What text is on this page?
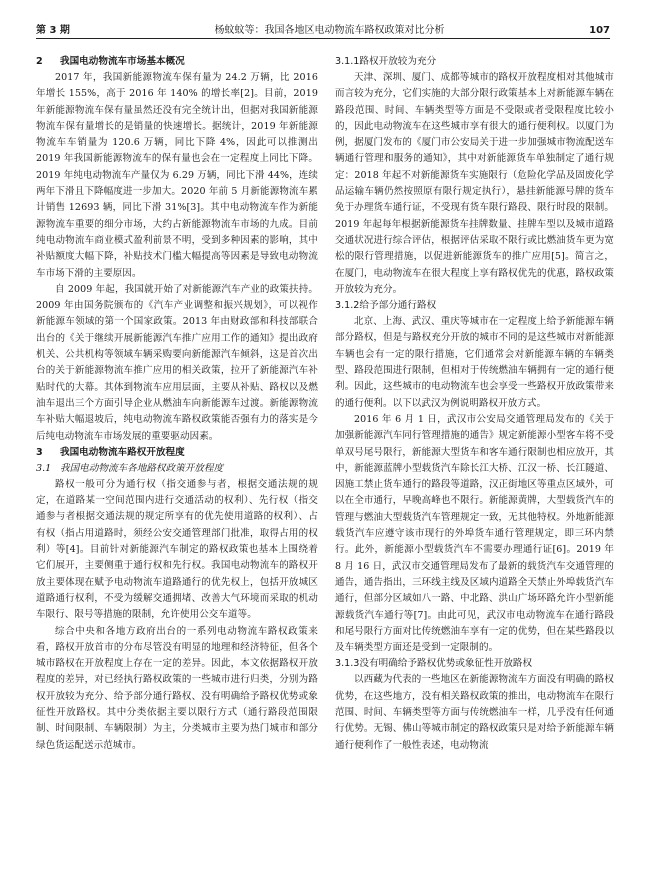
第 3 期	杨蚊蚊等：我国各地区电动物流车路权政策对比分析	107
2 我国电动物流车市场基本概况

2017 年，我国新能源物流车保有量为 24.2 万辆，比 2016 年增长 155%，高于 2016 年 140% 的增长率[2]。目前，2019 年新能源物流车保有量虽然还没有完全统计出，但据对我国新能源物流车保有量增长的是销量的快速增长。据统计，2019 年新能源物流车车销量为 120.6 万辆，同比下降 4%，因此可以推测出 2019 年我国新能源物流车的保有量也会在一定程度上同比下降。2019 年纯电动物流车产量仅为 6.29 万辆，同比下滑 44%，连续两年下滑且下降幅度进一步加大。2020 年前 5 月新能源物流车累计销售 12693 辆，同比下滑 31%[3]。其中电动物流车作为新能源物流车重要的细分市场，大约占新能源物流车市场的九成。目前纯电动物流车商业模式盈利前景不明，受到多种因素的影响，其中补贴额度大幅下降，补贴技术门槛大幅提高等因素是导致电动物流车市场下滑的主要原因。

自 2009 年起，我国就开始了对新能源汽车产业的政策扶持。2009 年由国务院颁布的《汽车产业调整和振兴规划》，可以视作新能源车领域的第一个国家政策。2013 年由财政部和科技部联合出台的《关于继续开展新能源汽车推广应用工作的通知》提出政府机关、公共机构等领域车辆采购要向新能源汽车倾斜，这是首次出台的关于新能源物流车推广应用的相关政策，拉开了新能源汽车补贴时代的大幕。其体到物流车应用层面，主要从补贴、路权以及燃油车退出三个方面引导企业从燃油车向新能源车过渡。新能源物流车补贴大幅退坡后，纯电动物流车路权政策能否强有力的落实是今后纯电动物流车市场发展的重要驱动因素。

3 我国电动物流车路权开放程度
3.1 我国电动物流车各地路权政策开放程度

路权一般可分为通行权（指交通参与者，根据交通法规的规定，在道路某一空间范围内进行交通活动的权利）、先行权（指交通参与者根据交通法规的规定所享有的优先使用道路的权利）、占有权（指占用道路时，须经公安交通管理部门批准，取得占用的权利）等[4]。目前针对新能源汽车制定的路权政策也基本上围绕着它们展开，主要侧重于通行权和先行权。我国电动物流车的路权开放主要体现在赋予电动物流车道路通行的优先权上，包括开放城区道路通行权利，不受为缓解交通拥堵、改善大气环境而采取的机动车限行、限号等措施的限制，允许使用公交车道等。

综合中央和各地方政府出台的一系列电动物流车路权政策来看，路权开放首市的分布尽管没有明显的地理和经济特征，但各个城市路权在开放程度上存在一定的差异。因此，本文依据路权开放程度的差异，对已经执行路权政策的一些城市进行归类，分别为路权开放较为充分、给予部分通行路权、没有明确给予路权优势或象征性开放路权。其中分类依据主要以限行方式（通行路段范围限制、时间限制、车辆限制）为主，分类城市主要为热门城市和部分绿色货运配送示范城市。

3.1.1路权开放较为充分

天津、深圳、厦门、成都等城市的路权开放程度相对其他城市而言较为充分，它们实施的大部分限行政策基本上对新能源车辆在路段范围、时间、车辆类型等方面是不受限或者受限程度比较小的，因此电动物流车在这些城市享有很大的通行便利权。以厦门为例，据厦门发布的《厦门市公安局关于进一步加强城市物流配送车辆通行管理和服务的通知》，其中对新能源货车单独制定了通行规定：2018 年起不对新能源货车实施限行（危险化学品及固废化学品运输车辆仍然按照原有限行规定执行），悬挂新能源号牌的货车免于办理货车通行证，不受现有货车限行路段、限行时段的限制。2019 年起每年根据新能源货车挂牌数量、挂牌车型以及城市道路交通状况进行综合评估，根据评估采取不限行或比燃油货车更为宽松的限行管理措施，以促进新能源货车的推广应用[5]。简言之，在厦门，电动物流车在很大程度上享有路权优先的优惠，路权政策开放较为充分。

3.1.2给予部分通行路权

北京、上海、武汉、重庆等城市在一定程度上给予新能源车辆部分路权，但是与路权充分开放的城市不同的是这些城市对新能源车辆也会有一定的限行措施，它们通常会对新能源车辆的车辆类型、路段范围进行限制，但相对于传统燃油车辆拥有一定的通行便利。因此，这些城市的电动物流车也会享受一些路权开放政策带来的通行便利。以下以武汉为例说明路权开放方式。

2016 年 6 月 1 日，武汉市公安局交通管理局发布的《关于加强新能源汽车同行管理措施的通告》规定新能源小型客车将不受单双号尾号限行，新能源大型货车和客车通行限制也相应放开，其中，新能源蓝牌小型载货汽车除长江大桥、江汉一桥、长江隧道、因施工禁止货车通行的路段等道路，汉正街地区等重点区域外，可以在全市通行，早晚高峰也不限行。新能源黄牌，大型载货汽车的管理与燃油大型载货汽车管理规定一致，无其他特权。外地新能源载货汽车应遵守该市现行的外埠货车通行管理规定，即三环内禁行。此外，新能源小型载货汽车不需要办理通行证[6]。2019 年 8 月 16 日，武汉市交通管理局发布了最新的载货汽车交通管理的通告，通告指出，三环线主线及区域内道路全天禁止外埠载货汽车通行，但部分区域如八一路、中北路、洪山广场环路允许小型新能源载货汽车通行等[7]。由此可见，武汉市电动物流车在通行路段和尾号限行方面对比传统燃油车享有一定的优势，但在某些路段以及车辆类型方面还是受到一定限制的。

3.1.3没有明确给予路权优势或象征性开放路权

以西藏为代表的一些地区在新能源物流车方面没有明确的路权优势，在这些地方，没有相关路权政策的推出，电动物流车在限行范围、时间、车辆类型等方面与传统燃油车一样，几乎没有任何通行优势。无锡、佛山等城市制定的路权政策只是对给予新能源车辆通行便利作了一般性表述，电动物流
